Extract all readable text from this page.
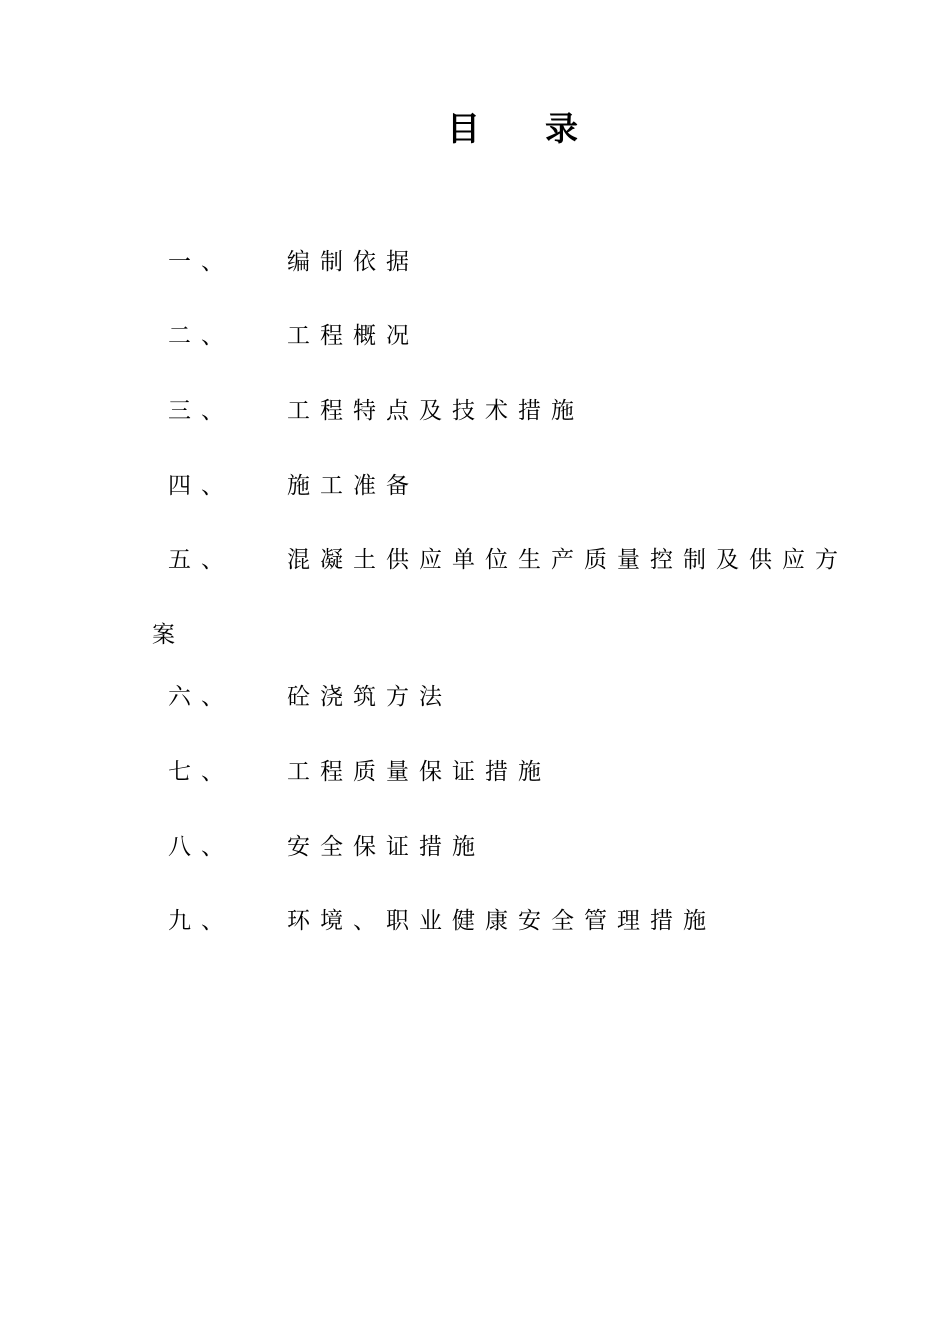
目 录
一、 编制依据
二、 工程概况
三、 工程特点及技术措施
四、 施工准备
五、 混凝土供应单位生产质量控制及供应方
案
六、 砼浇筑方法
七、 工程质量保证措施
八、 安全保证措施
九、 环境、职业健康安全管理措施
